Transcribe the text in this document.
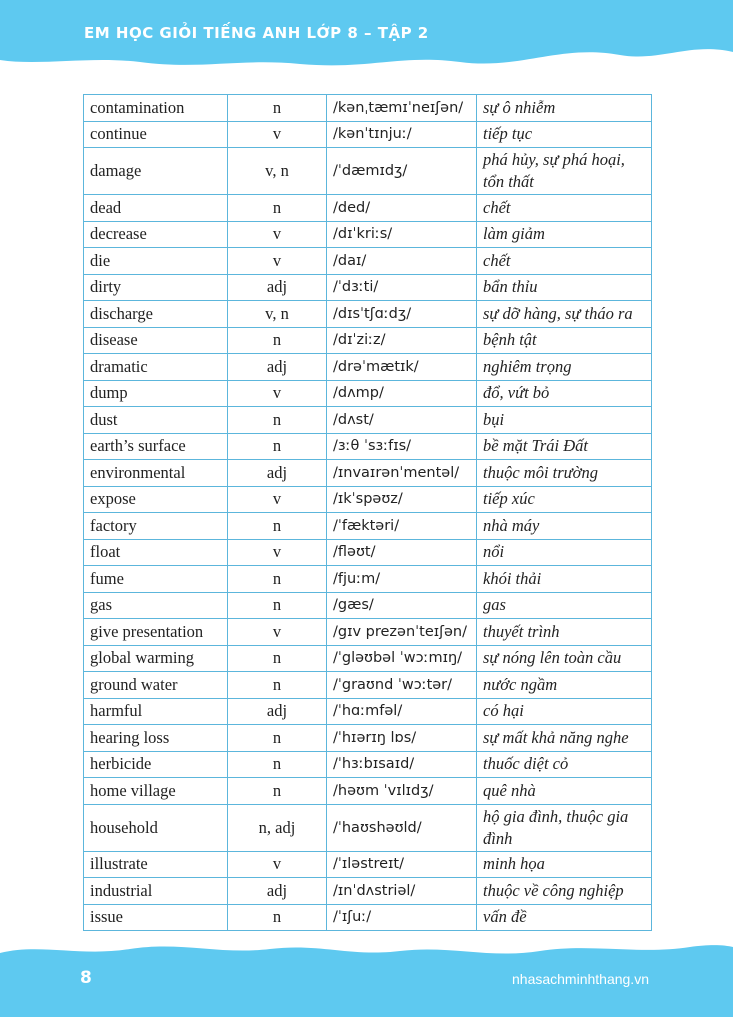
EM HỌC GIỎI TIẾNG ANH LỚP 8 – TẬP 2
contamination	n	/kənˌtæmɪˈneɪʃən/	sự ô nhiễm
continue	v	/kənˈtɪnjuː/	tiếp tục
damage	v, n	/ˈdæmɪdʒ/	phá hủy, sự phá hoại, tổn thất
dead	n	/ded/	chết
decrease	v	/dɪˈkriːs/	làm giảm
die	v	/daɪ/	chết
dirty	adj	/ˈdɜːti/	bẩn thỉu
discharge	v, n	/dɪsˈtʃɑːdʒ/	sự dỡ hàng, sự tháo ra
disease	n	/dɪˈziːz/	bệnh tật
dramatic	adj	/drəˈmætɪk/	nghiêm trọng
dump	v	/dʌmp/	đổ, vứt bỏ
dust	n	/dʌst/	bụi
earth’s surface	n	/ɜːθ ˈsɜːfɪs/	bề mặt Trái Đất
environmental	adj	/ɪnvaɪrənˈmentəl/	thuộc môi trường
expose	v	/ɪkˈspəʊz/	tiếp xúc
factory	n	/ˈfæktəri/	nhà máy
float	v	/fləʊt/	nổi
fume	n	/fjuːm/	khói thải
gas	n	/gæs/	gas
give presentation	v	/gɪv prezənˈteɪʃən/	thuyết trình
global warming	n	/ˈgləʊbəl ˈwɔːmɪŋ/	sự nóng lên toàn cầu
ground water	n	/ˈgraʊnd ˈwɔːtər/	nước ngầm
harmful	adj	/ˈhɑːmfəl/	có hại
hearing loss	n	/ˈhɪərɪŋ lɒs/	sự mất khả năng nghe
herbicide	n	/ˈhɜːbɪsaɪd/	thuốc diệt cỏ
home village	n	/həʊm ˈvɪlɪdʒ/	quê nhà
household	n, adj	/ˈhaʊshəʊld/	hộ gia đình, thuộc gia đình
illustrate	v	/ˈɪləstreɪt/	minh họa
industrial	adj	/ɪnˈdʌstriəl/	thuộc về công nghiệp
issue	n	/ˈɪʃuː/	vấn đề
8	nhasachminhthang.vn
